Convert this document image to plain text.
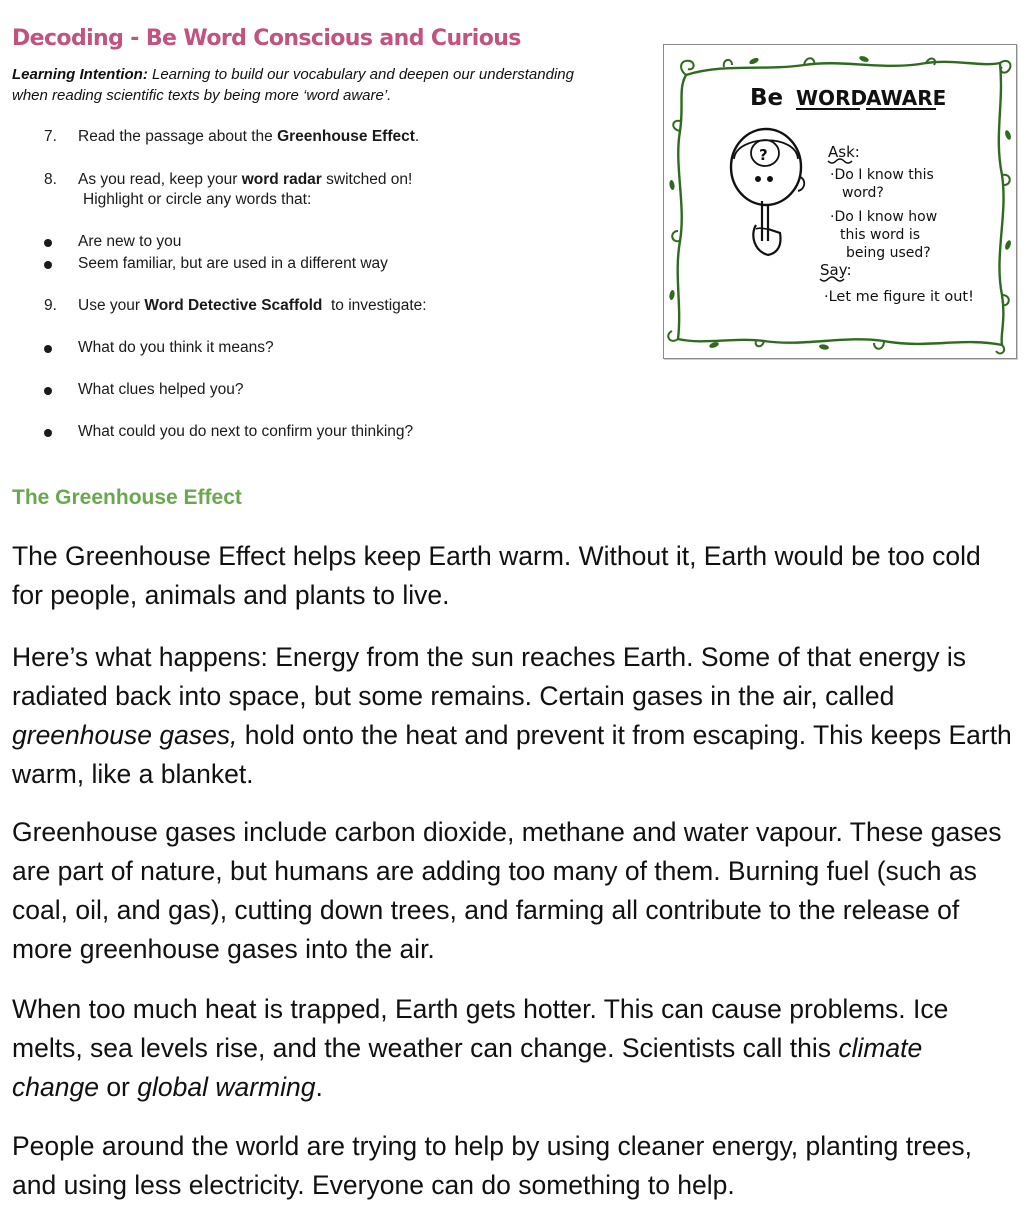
Decoding - Be Word Conscious and Curious

Learning Intention: Learning to build our vocabulary and deepen our understanding when reading scientific texts by being more ‘word aware’.

7.	Read the passage about the Greenhouse Effect.
8.	As you read, keep your word radar switched on!
Highlight or circle any words that:
Are new to you
Seem familiar, but are used in a different way
9.	Use your Word Detective Scaffold  to investigate:
What do you think it means?
What clues helped you?
What could you do next to confirm your thinking?
Be WORD
AWARE
?	Ask:
·Do I know this word?
·Do I know how this word is being used?
Say:
·Let me figure it out!
The Greenhouse Effect

The Greenhouse Effect helps keep Earth warm. Without it, Earth would be too cold for people, animals and plants to live.

Here’s what happens: Energy from the sun reaches Earth. Some of that energy is radiated back into space, but some remains. Certain gases in the air, called greenhouse gases, hold onto the heat and prevent it from escaping. This keeps Earth warm, like a blanket.

Greenhouse gases include carbon dioxide, methane and water vapour. These gases are part of nature, but humans are adding too many of them. Burning fuel (such as coal, oil, and gas), cutting down trees, and farming all contribute to the release of more greenhouse gases into the air.

When too much heat is trapped, Earth gets hotter. This can cause problems. Ice melts, sea levels rise, and the weather can change. Scientists call this climate change or global warming.

People around the world are trying to help by using cleaner energy, planting trees, and using less electricity. Everyone can do something to help.
